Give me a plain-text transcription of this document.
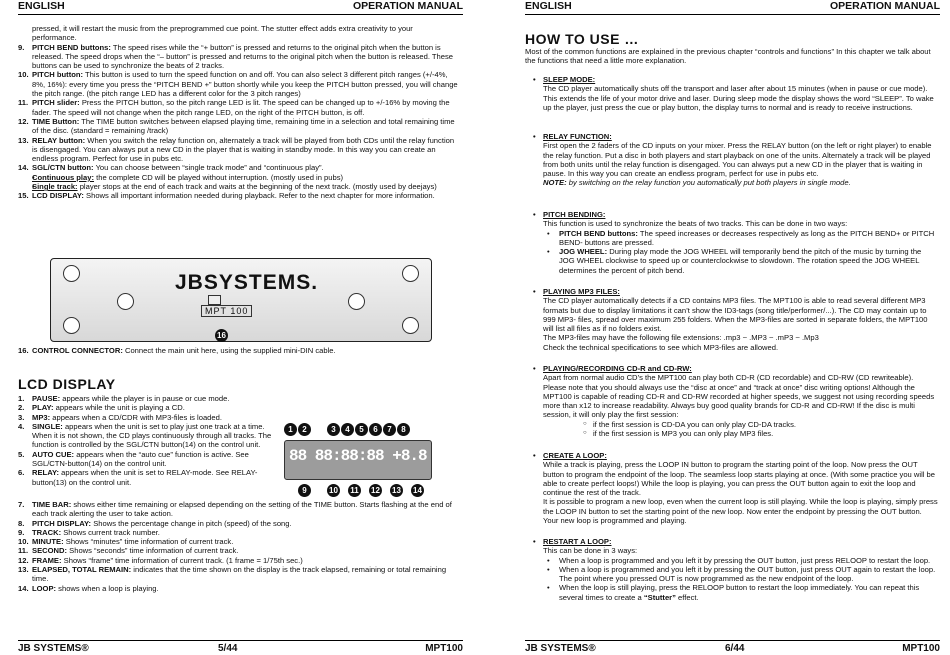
ENGLISH	OPERATION MANUAL
pressed, it will restart the music from the preprogrammed cue point. The stutter effect adds extra creativity to your performance.
9. PITCH BEND buttons: The speed rises while the “+ button” is pressed and returns to the original pitch when the button is released. The speed drops when the “– button” is pressed and returns to the original pitch when the button is released. These buttons can be used to synchronize the beats of 2 tracks.
10. PITCH button: This button is used to turn the speed function on and off. You can also select 3 different pitch ranges (+/-4%, 8%, 16%): every time you press the “PITCH BEND +” button shortly while you keep the PITCH button pressed, you will change the pitch range. (the pitch range LED has a different color for the 3 pitch ranges)
11. PITCH slider: Press the PITCH button, so the pitch range LED is lit. The speed can be changed up to +/-16% by moving the fader. The speed will not change when the pitch range LED, on the right of the PITCH button, is off.
12. TIME Button: The TIME button switches between elapsed playing time, remaining time in a selection and total remaining time of the disc. (standard = remaining /track)
13. RELAY button: When you switch the relay function on, alternately a track will be played from both CDs until the relay function is disengaged. You can always put a new CD in the player that is waiting in standby mode. In this way you can create an endless program. Perfect for use in pubs etc.
14. SGL/CTN button: You can choose between “single track mode” and “continuous play”.
• Continuous play: the complete CD will be played without interruption. (mostly used in pubs)
• Single track: player stops at the end of each track and waits at the beginning of the next track. (mostly used by deejays)
15. LCD DISPLAY: Shows all important information needed during playback. Refer to the next chapter for more information.
JBSYSTEMS.
MPT 100
16
16. CONTROL CONNECTOR: Connect the main unit here, using the supplied mini-DIN cable.
LCD DISPLAY
1. PAUSE: appears while the player is in pause or cue mode.
2. PLAY: appears while the unit is playing a CD.
3. MP3: appears when a CD/CDR with MP3-files is loaded.
4. SINGLE: appears when the unit is set to play just one track at a time. When it is not shown, the CD plays continuously through all tracks. The function is controlled by the SGL/CTN button(14) on the control unit.
5. AUTO CUE: appears when the “auto cue” function is active. See SGL/CTN-button(14) on the control unit.
6. RELAY: appears when the unit is set to RELAY-mode. See RELAY-button(13) on the control unit.
7. TIME BAR: shows either time remaining or elapsed depending on the setting of the TIME button. Starts flashing at the end of each track alerting the user to take action.
8. PITCH DISPLAY: Shows the percentage change in pitch (speed) of the song.
9. TRACK: Shows current track number.
10. MINUTE: Shows “minutes” time information of current track.
11. SECOND: Shows “seconds” time information of current track.
12. FRAME: Shows “frame” time information of current track. (1 frame = 1/75th sec.)
13. ELAPSED, TOTAL REMAIN: indicates that the time shown on the display is the track elapsed, remaining or total remaining time.
14. LOOP: shows when a loop is playing.
1	2	3	4	5	6	7	8
88 88:88:88 +8.8
9	10 11 12 13 14
JB SYSTEMS®	5/44	MPT100
ENGLISH	OPERATION MANUAL
HOW TO USE …
Most of the common functions are explained in the previous chapter “controls and functions” In this chapter we talk about the functions that need a little more explanation.
• SLEEP MODE:
The CD player automatically shuts off the transport and laser after about 15 minutes (when in pause or cue mode). This extends the life of your motor drive and laser. During sleep mode the display shows the word “SLEEP”. To wake up the player, just press the cue or play button, the display turns to normal and is ready to receive instructions.
• RELAY FUNCTION:
First open the 2 faders of the CD inputs on your mixer. Press the RELAY button (on the left or right player) to enable the relay function. Put a disc in both players and start playback on one of the units. Alternately a track will be played from both units until the relay function is disengaged. You can always put a new CD in the player that is waiting in pause. In this way you can create an endless program, perfect for use in pubs etc.
NOTE: by switching on the relay function you automatically put both players in single mode.
• PITCH BENDING:
This function is used to synchronize the beats of two tracks. This can be done in two ways:
• PITCH BEND buttons: The speed increases or decreases respectively as long as the PITCH BEND+ or PITCH BEND- buttons are pressed.
• JOG WHEEL: During play mode the JOG WHEEL will temporarily bend the pitch of the music by turning the JOG WHEEL clockwise to speed up or counterclockwise to slowdown. The rotation speed the JOG WHEEL determines the percent of pitch bend.
• PLAYING MP3 FILES:
The CD player automatically detects if a CD contains MP3 files. The MPT100 is able to read several different MP3 formats but due to display limitations it can’t show the ID3-tags (song title/performer/...). The CD may contain up to 999 MP3- files, spread over maximum 255 folders. When the MP3-files are sorted in separate folders, the MPT100 will list all files as if no folders exist.
The MP3-files may have the following file extensions: .mp3 ~ .MP3 ~ .mP3 ~ .Mp3
Check the technical specifications to see which MP3-files are allowed.
• PLAYING/RECORDING CD-R and CD-RW:
Apart from normal audio CD’s the MPT100 can play both CD-R (CD recordable) and CD-RW (CD rewriteable). Please note that you should always use the “disc at once” and “track at once” disc writing options! Although the MPT100 is capable of reading CD-R and CD-RW recorded at higher speeds, we suggest not using recording speeds more than x12 to increase readability. Always buy good quality brands for CD-R and CD-RW! If the disc is multi session, it will only play the first session:
○ if the first session is CD-DA you can only play CD-DA tracks.
○ if the first session is MP3 you can only play MP3 files.
• CREATE A LOOP:
While a track is playing, press the LOOP IN button to program the starting point of the loop. Now press the OUT button to program the endpoint of the loop. The seamless loop starts playing at once. (With some practice you will be able to create perfect loops!) While the loop is playing, you can press the OUT button again to exit the loop and continue the rest of the track.
It is possible to program a new loop, even when the current loop is still playing. While the loop is playing, simply press the LOOP IN button to set the starting point of the new loop. Now enter the endpoint by pressing the OUT button. Your new loop is programmed and playing.
• RESTART A LOOP:
This can be done in 3 ways:
• When a loop is programmed and you left it by pressing the OUT button, just press RELOOP to restart the loop.
• When a loop is programmed and you left it by pressing the OUT button, just press OUT again to restart the loop. The point where you pressed OUT is now programmed as the new endpoint of the loop.
• When the loop is still playing, press the RELOOP button to restart the loop immediately. You can repeat this several times to create a “Stutter” effect.
JB SYSTEMS®	6/44	MPT100
